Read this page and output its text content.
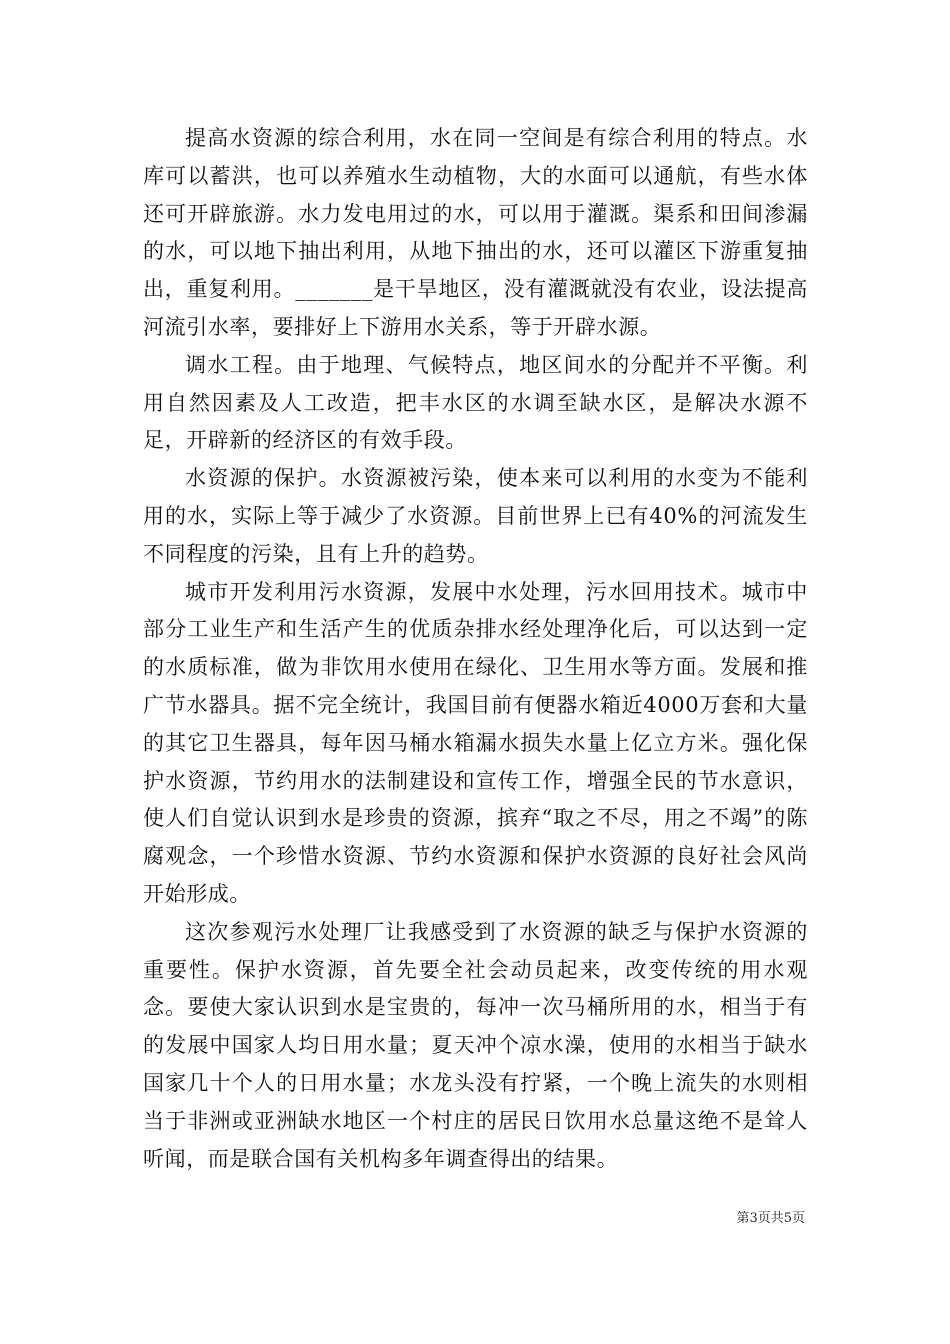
提高水资源的综合利用，水在同一空间是有综合利用的特点。水库可以蓄洪，也可以养殖水生动植物，大的水面可以通航，有些水体还可开辟旅游。水力发电用过的水，可以用于灌溉。渠系和田间渗漏的水，可以地下抽出利用，从地下抽出的水，还可以灌区下游重复抽出，重复利用。_______是干旱地区，没有灌溉就没有农业，设法提高河流引水率，要排好上下游用水关系，等于开辟水源。

调水工程。由于地理、气候特点，地区间水的分配并不平衡。利用自然因素及人工改造，把丰水区的水调至缺水区，是解决水源不足，开辟新的经济区的有效手段。

水资源的保护。水资源被污染，使本来可以利用的水变为不能利用的水，实际上等于减少了水资源。目前世界上已有40%的河流发生不同程度的污染，且有上升的趋势。

城市开发利用污水资源，发展中水处理，污水回用技术。城市中部分工业生产和生活产生的优质杂排水经处理净化后，可以达到一定的水质标准，做为非饮用水使用在绿化、卫生用水等方面。发展和推广节水器具。据不完全统计，我国目前有便器水箱近4000万套和大量的其它卫生器具，每年因马桶水箱漏水损失水量上亿立方米。强化保护水资源，节约用水的法制建设和宣传工作，增强全民的节水意识，使人们自觉认识到水是珍贵的资源，摈弃“取之不尽，用之不竭”的陈腐观念，一个珍惜水资源、节约水资源和保护水资源的良好社会风尚开始形成。

这次参观污水处理厂让我感受到了水资源的缺乏与保护水资源的重要性。保护水资源，首先要全社会动员起来，改变传统的用水观念。要使大家认识到水是宝贵的，每冲一次马桶所用的水，相当于有的发展中国家人均日用水量；夏天冲个凉水澡，使用的水相当于缺水国家几十个人的日用水量；水龙头没有拧紧，一个晚上流失的水则相当于非洲或亚洲缺水地区一个村庄的居民日饮用水总量这绝不是耸人听闻，而是联合国有关机构多年调查得出的结果。

第3页共5页
